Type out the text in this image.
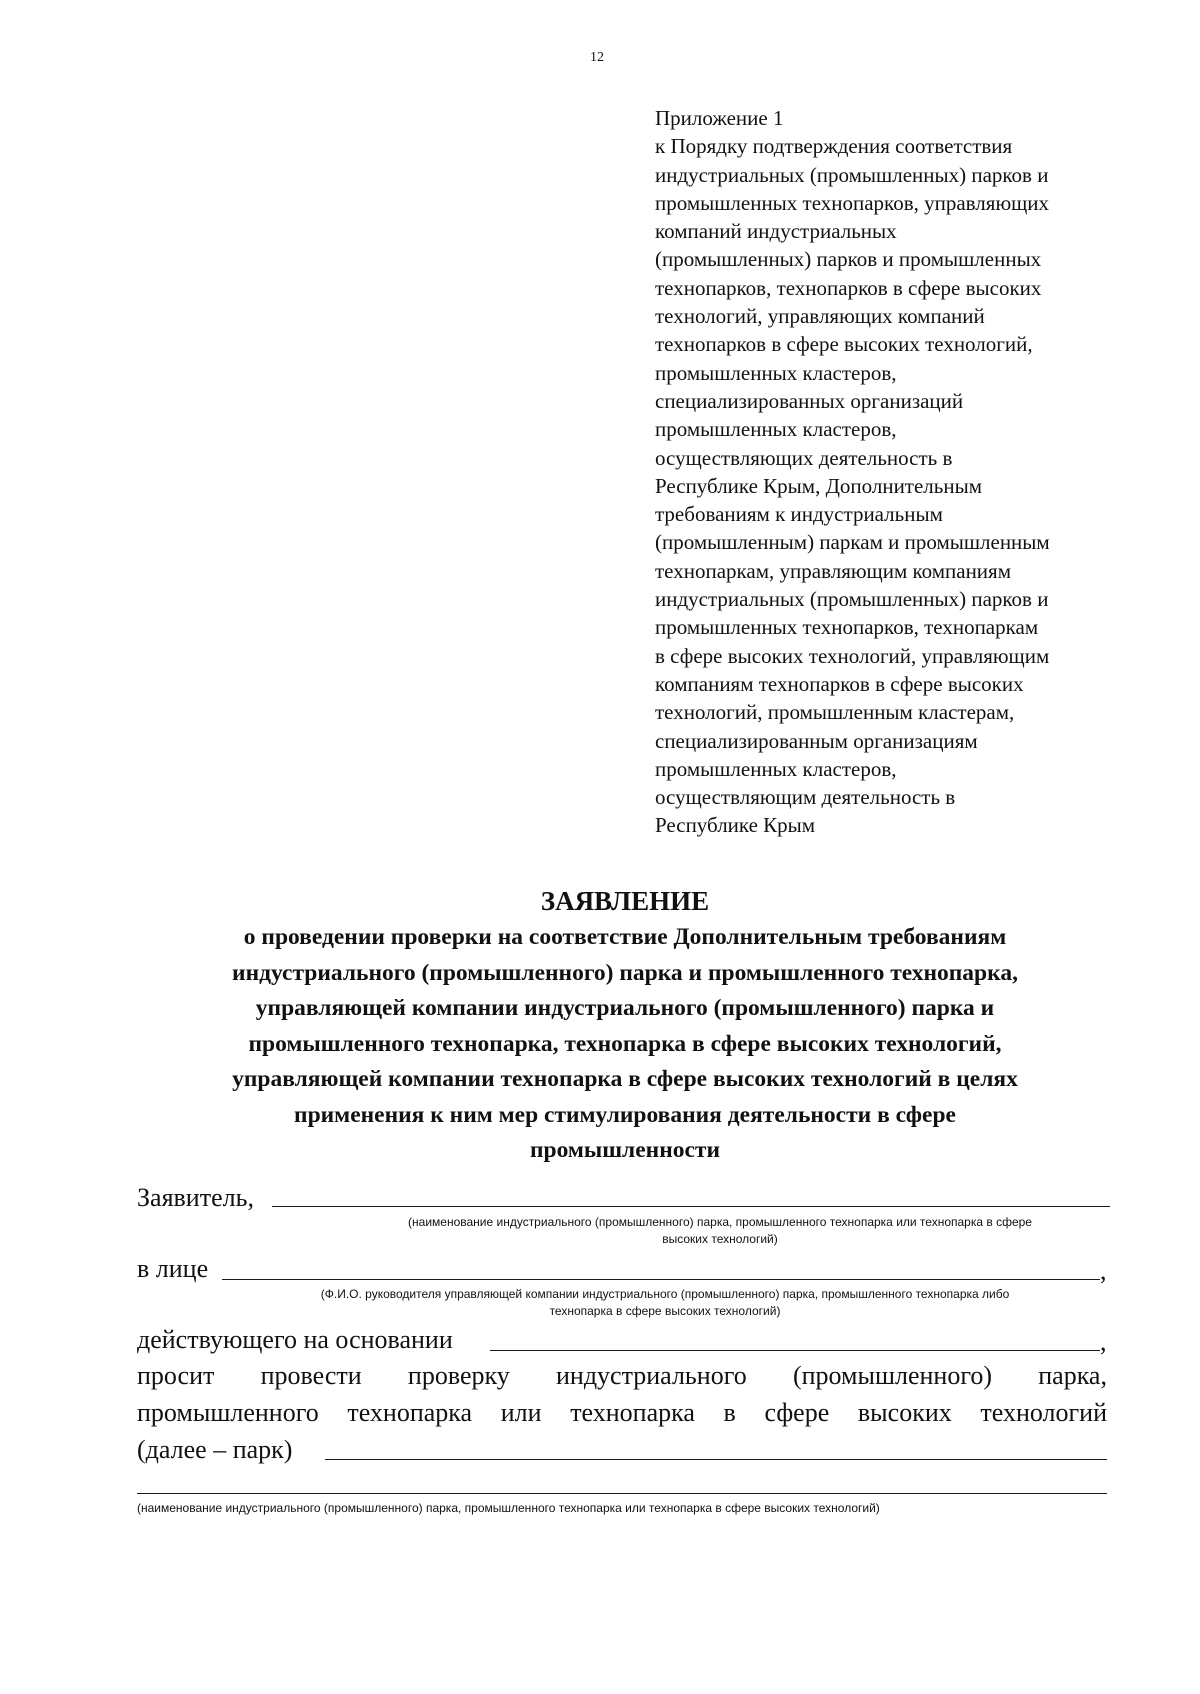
12
Приложение 1
к Порядку подтверждения соответствия
индустриальных (промышленных) парков и
промышленных технопарков, управляющих
компаний индустриальных
(промышленных) парков и промышленных
технопарков, технопарков в сфере высоких
технологий, управляющих компаний
технопарков в сфере высоких технологий,
промышленных кластеров,
специализированных организаций
промышленных кластеров,
осуществляющих деятельность в
Республике Крым, Дополнительным
требованиям к индустриальным
(промышленным) паркам и промышленным
технопаркам, управляющим компаниям
индустриальных (промышленных) парков и
промышленных технопарков, технопаркам
в сфере высоких технологий, управляющим
компаниям технопарков в сфере высоких
технологий, промышленным кластерам,
специализированным организациям
промышленных кластеров,
осуществляющим деятельность в
Республике Крым
ЗАЯВЛЕНИЕ
о проведении проверки на соответствие Дополнительным требованиям
индустриального (промышленного) парка и промышленного технопарка,
управляющей компании индустриального (промышленного) парка и
промышленного технопарка, технопарка в сфере высоких технологий,
управляющей компании технопарка в сфере высоких технологий в целях
применения к ним мер стимулирования деятельности в сфере
промышленности
Заявитель,
(наименование индустриального (промышленного) парка, промышленного технопарка или технопарка в сфере
высоких технологий)
в лице	,
(Ф.И.О. руководителя управляющей компании индустриального (промышленного) парка, промышленного технопарка либо
технопарка в сфере высоких технологий)
действующего на основании	,
просит провести проверку индустриального (промышленного) парка,
промышленного технопарка или технопарка в сфере высоких технологий
(далее – парк)
(наименование индустриального (промышленного) парка, промышленного технопарка или технопарка в сфере высоких технологий)
